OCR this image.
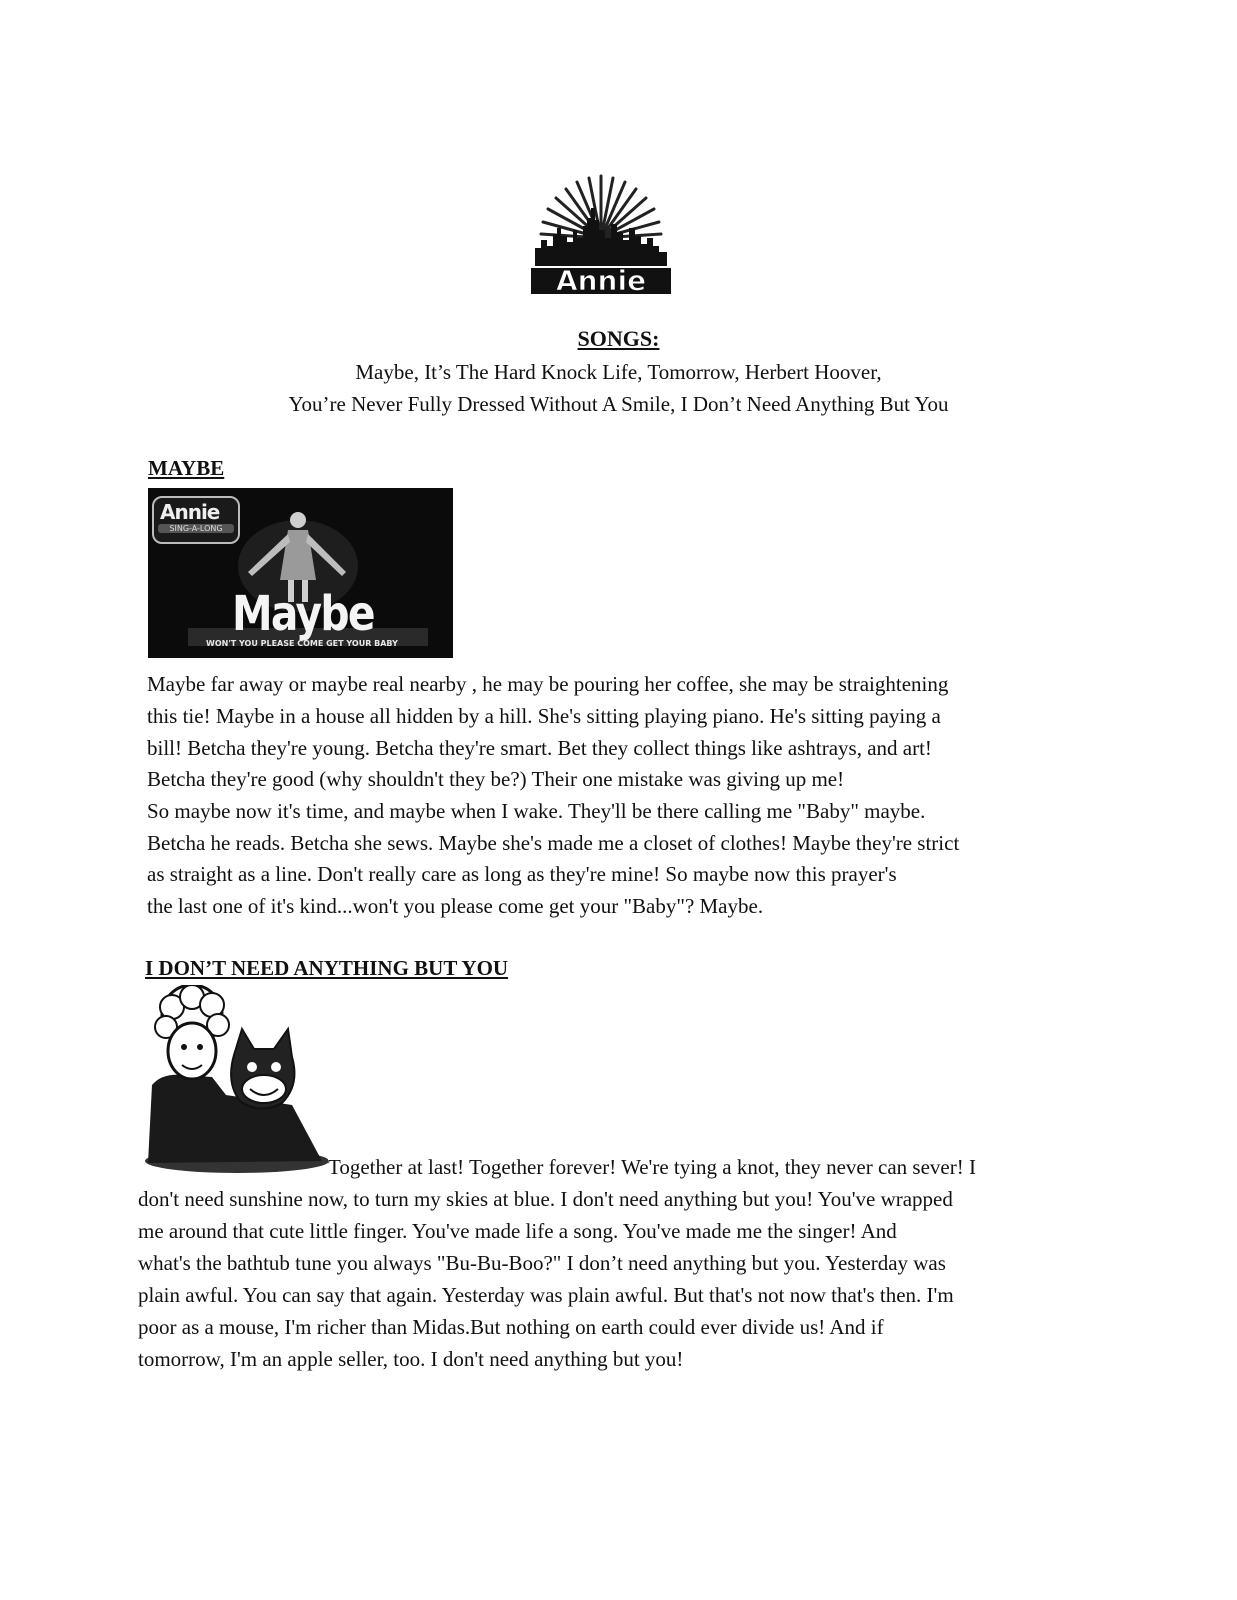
Annie
SONGS:
Maybe, It’s The Hard Knock Life, Tomorrow, Herbert Hoover,
You’re Never Fully Dressed Without A Smile, I Don’t Need Anything But You
MAYBE
Annie
SING-A-LONG
Maybe
WON'T YOU PLEASE COME GET YOUR BABY
Maybe far away or maybe real nearby , he may be pouring her coffee, she may be straightening
this tie! Maybe in a house all hidden by a hill. She's sitting playing piano. He's sitting paying a
bill! Betcha they're young. Betcha they're smart. Bet they collect things like ashtrays, and art!
Betcha they're good (why shouldn't they be?) Their one mistake was giving up me!
So maybe now it's time, and maybe when I wake. They'll be there calling me "Baby" maybe.
Betcha he reads. Betcha she sews. Maybe she's made me a closet of clothes! Maybe they're strict
as straight as a line. Don't really care as long as they're mine! So maybe now this prayer's
the last one of it's kind...won't you please come get your "Baby"? Maybe.
I DON’T NEED ANYTHING BUT YOU
Together at last! Together forever! We're tying a knot, they never can sever! I
don't need sunshine now, to turn my skies at blue. I don't need anything but you! You've wrapped
me around that cute little finger. You've made life a song. You've made me the singer! And
what's the bathtub tune you always "Bu-Bu-Boo?" I don’t need anything but you. Yesterday was
plain awful. You can say that again. Yesterday was plain awful. But that's not now that's then. I'm
poor as a mouse, I'm richer than Midas.But nothing on earth could ever divide us! And if
tomorrow, I'm an apple seller, too. I don't need anything but you!
